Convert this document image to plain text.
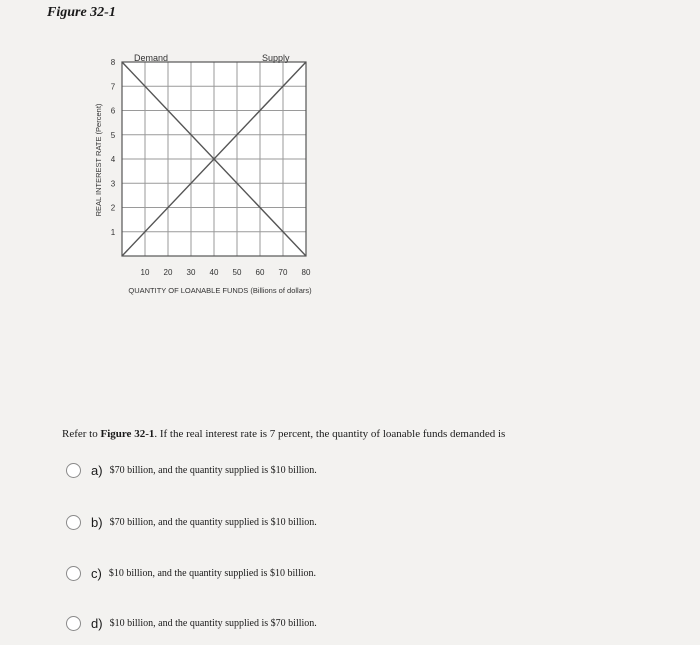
Figure 32-1
Demand	Supply
10 20 30 40 50 60 70 80
1
2
3
4
5
6
7
8
QUANTITY OF LOANABLE FUNDS (Billions of dollars)
REAL INTEREST RATE (Percent)
Refer to Figure 32-1. If the real interest rate is 7 percent, the quantity of loanable funds demanded is
a) $70 billion, and the quantity supplied is $10 billion.
b) $70 billion, and the quantity supplied is $10 billion.
c) $10 billion, and the quantity supplied is $10 billion.
d) $10 billion, and the quantity supplied is $70 billion.
